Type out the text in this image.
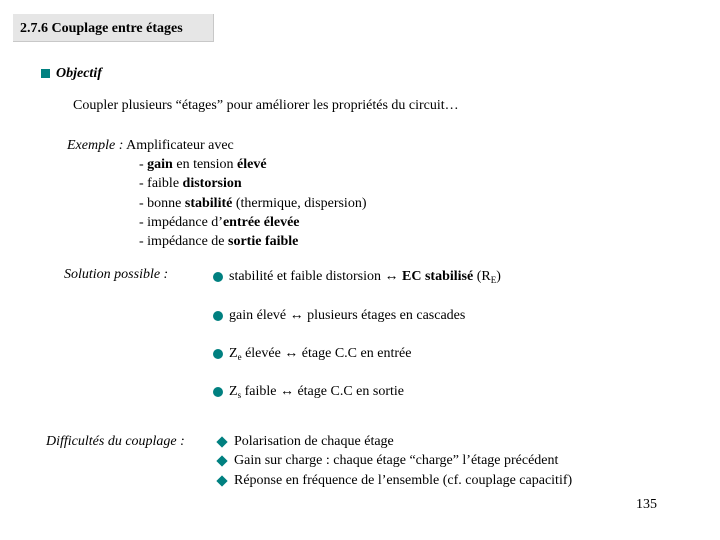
2.7.6 Couplage entre étages
Objectif
Coupler plusieurs “étages” pour améliorer les propriétés du circuit…
Exemple : Amplificateur avec
- gain en tension élevé
- faible distorsion
- bonne stabilité (thermique, dispersion)
- impédance d’entrée élevée
- impédance de sortie faible
Solution possible :	stabilité et faible distorsion ↔ EC stabilisé $(R_E)$
gain élevé ↔ plusieurs étages en cascades
$Z_e$ élevée ↔ étage C.C en entrée
$Z_s$ faible ↔ étage C.C en sortie
Difficultés du couplage :	Polarisation de chaque étage
Gain sur charge : chaque étage “charge” l’étage précédent
Réponse en fréquence de l’ensemble (cf. couplage capacitif)
135
